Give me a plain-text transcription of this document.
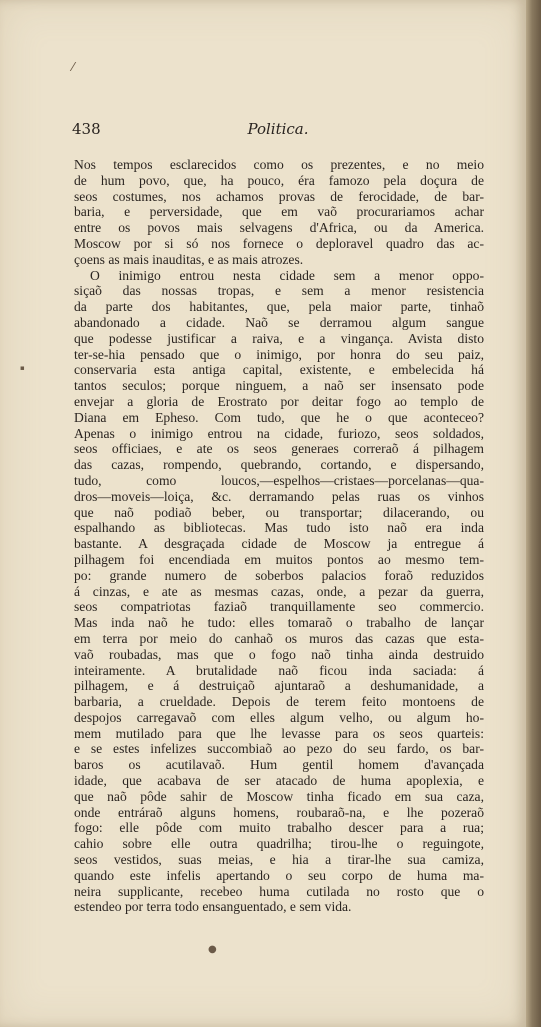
438	Politica.
Nos tempos esclarecidos como os prezentes, e no meio
de hum povo, que, ha pouco, éra famozo pela doçura de
seos costumes, nos achamos provas de ferocidade, de bar-
baria, e perversidade, que em vaõ procurariamos achar
entre os povos mais selvagens d'Africa, ou da America.
Moscow por si só nos fornece o deploravel quadro das ac-
çoens as mais inauditas, e as mais atrozes.
O inimigo entrou nesta cidade sem a menor oppo-
siçaõ das nossas tropas, e sem a menor resistencia
da parte dos habitantes, que, pela maior parte, tinhaõ
abandonado a cidade. Naõ se derramou algum sangue
que podesse justificar a raiva, e a vingança. Avista disto
ter-se-hia pensado que o inimigo, por honra do seu paiz,
conservaria esta antiga capital, existente, e embelecida há
tantos seculos; porque ninguem, a naõ ser insensato pode
envejar a gloria de Erostrato por deitar fogo ao templo de
Diana em Epheso. Com tudo, que he o que aconteceo?
Apenas o inimigo entrou na cidade, furiozo, seos soldados,
seos officiaes, e ate os seos generaes correraõ á pilhagem
das cazas, rompendo, quebrando, cortando, e dispersando,
tudo, como loucos,—espelhos—cristaes—porcelanas—qua-
dros—moveis—loiça, &c. derramando pelas ruas os vinhos
que naõ podiaõ beber, ou transportar; dilacerando, ou
espalhando as bibliotecas. Mas tudo isto naõ era inda
bastante. A desgraçada cidade de Moscow ja entregue á
pilhagem foi encendiada em muitos pontos ao mesmo tem-
po: grande numero de soberbos palacios foraõ reduzidos
á cinzas, e ate as mesmas cazas, onde, a pezar da guerra,
seos compatriotas faziaõ tranquillamente seo commercio.
Mas inda naõ he tudo: elles tomaraõ o trabalho de lançar
em terra por meio do canhaõ os muros das cazas que esta-
vaõ roubadas, mas que o fogo naõ tinha ainda destruido
inteiramente. A brutalidade naõ ficou inda saciada: á
pilhagem, e á destruiçaõ ajuntaraõ a deshumanidade, a
barbaria, a crueldade. Depois de terem feito montoens de
despojos carregavaõ com elles algum velho, ou algum ho-
mem mutilado para que lhe levasse para os seos quarteis:
e se estes infelizes succombiaõ ao pezo do seu fardo, os bar-
baros os acutilavaõ. Hum gentil homem d'avançada
idade, que acabava de ser atacado de huma apoplexia, e
que naõ pôde sahir de Moscow tinha ficado em sua caza,
onde entráraõ alguns homens, roubaraõ-na, e lhe pozeraõ
fogo: elle pôde com muito trabalho descer para a rua;
cahio sobre elle outra quadrilha; tirou-lhe o reguingote,
seos vestidos, suas meias, e hia a tirar-lhe sua camiza,
quando este infelis apertando o seu corpo de huma ma-
neira supplicante, recebeo huma cutilada no rosto que o
estendeo por terra todo ensanguentado, e sem vida.
⁄
●
▪
